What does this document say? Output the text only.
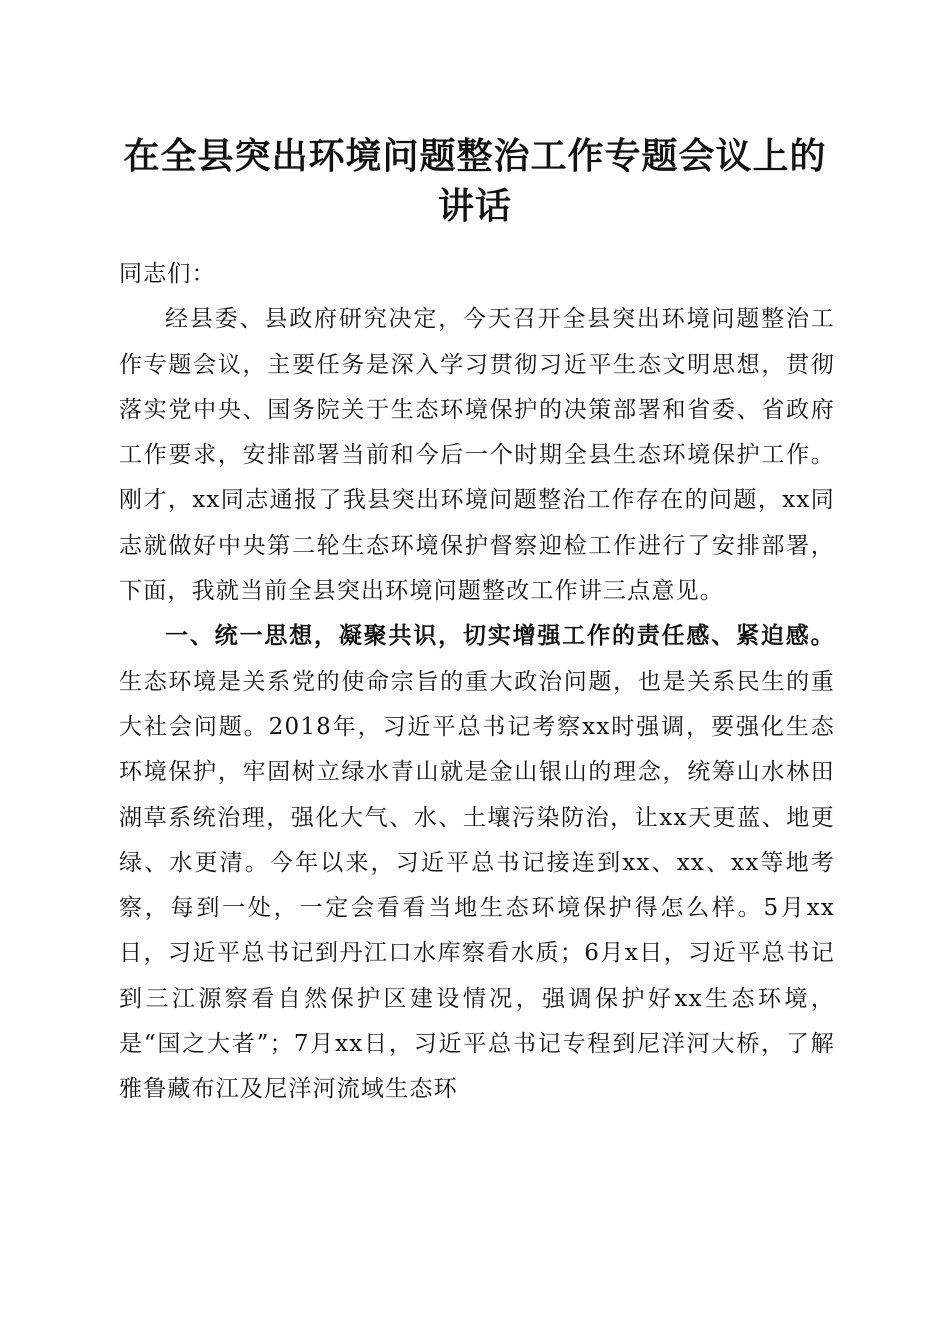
在全县突出环境问题整治工作专题会议上的讲话

同志们：

经县委、县政府研究决定，今天召开全县突出环境问题整治工作专题会议，主要任务是深入学习贯彻习近平生态文明思想，贯彻落实党中央、国务院关于生态环境保护的决策部署和省委、省政府工作要求，安排部署当前和今后一个时期全县生态环境保护工作。刚才，xx同志通报了我县突出环境问题整治工作存在的问题，xx同志就做好中央第二轮生态环境保护督察迎检工作进行了安排部署，下面，我就当前全县突出环境问题整改工作讲三点意见。

一、统一思想，凝聚共识，切实增强工作的责任感、紧迫感。生态环境是关系党的使命宗旨的重大政治问题，也是关系民生的重大社会问题。2018年，习近平总书记考察xx时强调，要强化生态环境保护，牢固树立绿水青山就是金山银山的理念，统筹山水林田湖草系统治理，强化大气、水、土壤污染防治，让xx天更蓝、地更绿、水更清。今年以来，习近平总书记接连到xx、xx、xx等地考察，每到一处，一定会看看当地生态环境保护得怎么样。5月xx日，习近平总书记到丹江口水库察看水质；6月x日，习近平总书记到三江源察看自然保护区建设情况，强调保护好xx生态环境，是“国之大者”；7月xx日，习近平总书记专程到尼洋河大桥，了解雅鲁藏布江及尼洋河流域生态环
